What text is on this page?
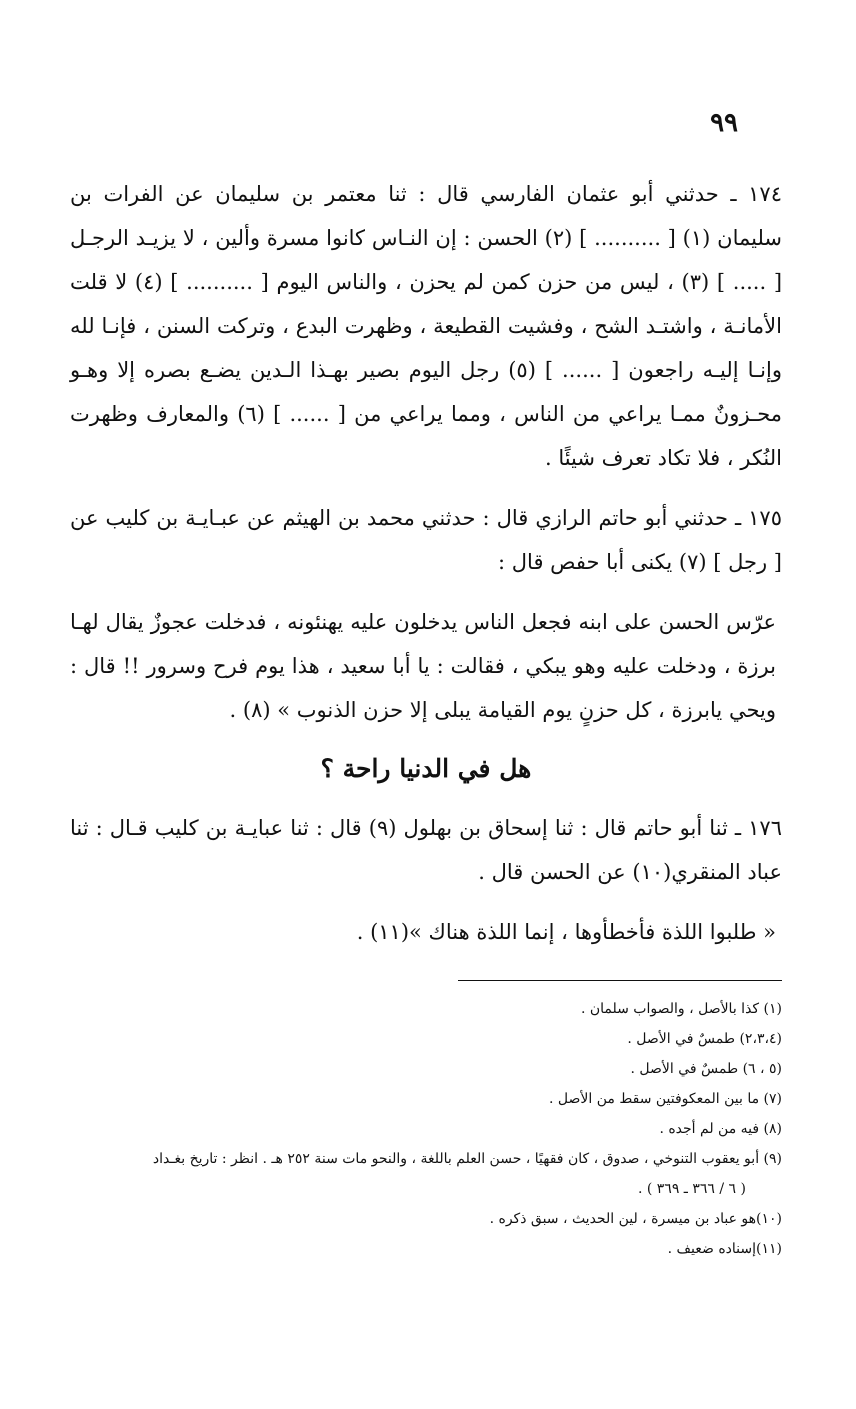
٩٩

١٧٤ ـ حدثني أبو عثمان الفارسي قال : ثنا معتمر بن سليمان عن الفرات بن سليمان (١) [ .......... ] (٢) الحسن : إن النـاس كانوا مسرة وألين ، لا يزيـد الرجـل [ ..... ] (٣) ، ليس من حزن كمن لم يحزن ، والناس اليوم [ .......... ] (٤) لا قلت الأمانـة ، واشتـد الشح ، وفشيت القطيعة ، وظهرت البدع ، وتركت السنن ، فإنـا لله وإنـا إليـه راجعون [ ...... ] (٥) رجل اليوم بصير بهـذا الـدين يضـع بصره إلا وهـو محـزونٌ ممـا يراعي من الناس ، ومما يراعي من [ ...... ] (٦) والمعارف وظهرت النُكر ، فلا تكاد تعرف شيئًا .

١٧٥ ـ حدثني أبو حاتم الرازي قال : حدثني محمد بن الهيثم عن عبـايـة بن كليب عن [ رجل ] (٧) يكنى أبا حفص قال :

عرّس الحسن على ابنه فجعل الناس يدخلون عليه يهنئونه ، فدخلت عجوزٌ يقال لهـا برزة ، ودخلت عليه وهو يبكي ، فقالت : يا أبا سعيد ، هذا يوم فرح وسرور !! قال : ويحي يابرزة ، كل حزنٍ يوم القيامة يبلى إلا حزن الذنوب » (٨) .

هل في الدنيا راحة ؟

١٧٦ ـ ثنا أبو حاتم قال : ثنا إسحاق بن بهلول (٩) قال : ثنا عبايـة بن كليب قـال : ثنا عباد المنقري(١٠) عن الحسن قال .

« طلبوا اللذة فأخطأوها ، إنما اللذة هناك »(١١) .

(١) كذا بالأصل ، والصواب سلمان .

(٢،٣،٤) طمسٌ في الأصل .

(٥ ، ٦) طمسٌ في الأصل .

(٧) ما بين المعكوفتين سقط من الأصل .

(٨) فيه من لم أجده .

(٩) أبو يعقوب التنوخي ، صدوق ، كان فقهيًا ، حسن العلم باللغة ، والنحو مات سنة ٢٥٢ هـ . انظر : تاريخ بغـداد

( ٦ / ٣٦٦ ـ ٣٦٩ ) .

(١٠)هو عباد بن ميسرة ، لين الحديث ، سبق ذكره .

(١١)إسناده ضعيف .
